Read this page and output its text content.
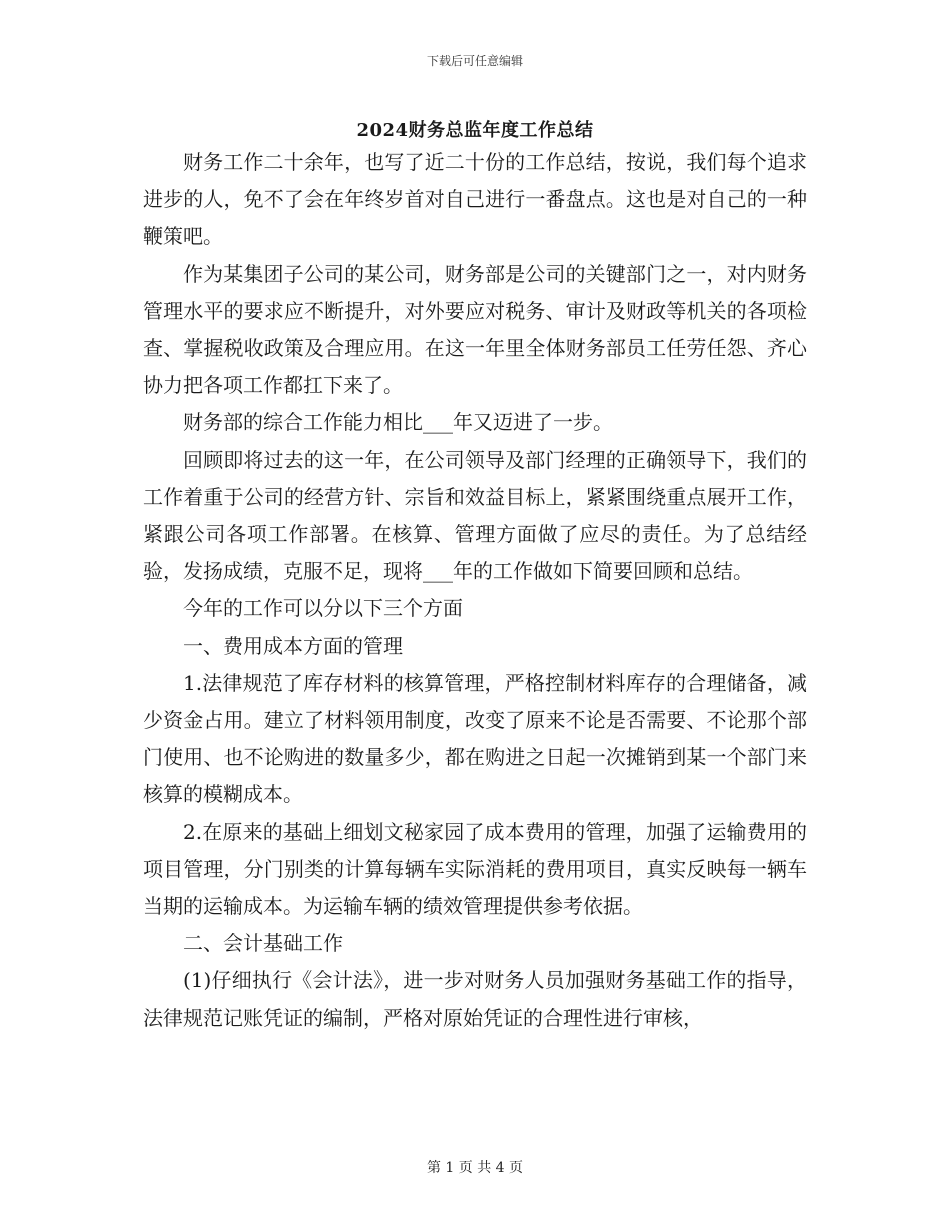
下载后可任意编辑
2024财务总监年度工作总结

财务工作二十余年，也写了近二十份的工作总结，按说，我们每个追求进步的人，免不了会在年终岁首对自己进行一番盘点。这也是对自己的一种鞭策吧。

作为某集团子公司的某公司，财务部是公司的关键部门之一，对内财务管理水平的要求应不断提升，对外要应对税务、审计及财政等机关的各项检查、掌握税收政策及合理应用。在这一年里全体财务部员工任劳任怨、齐心协力把各项工作都扛下来了。

财务部的综合工作能力相比___年又迈进了一步。

回顾即将过去的这一年，在公司领导及部门经理的正确领导下，我们的工作着重于公司的经营方针、宗旨和效益目标上，紧紧围绕重点展开工作，紧跟公司各项工作部署。在核算、管理方面做了应尽的责任。为了总结经验，发扬成绩，克服不足，现将___年的工作做如下简要回顾和总结。

今年的工作可以分以下三个方面

一、费用成本方面的管理

1.法律规范了库存材料的核算管理，严格控制材料库存的合理储备，减少资金占用。建立了材料领用制度，改变了原来不论是否需要、不论那个部门使用、也不论购进的数量多少，都在购进之日起一次摊销到某一个部门来核算的模糊成本。

2.在原来的基础上细划文秘家园了成本费用的管理，加强了运输费用的项目管理，分门别类的计算每辆车实际消耗的费用项目，真实反映每一辆车当期的运输成本。为运输车辆的绩效管理提供参考依据。

二、会计基础工作

(1)仔细执行《会计法》，进一步对财务人员加强财务基础工作的指导，法律规范记账凭证的编制，严格对原始凭证的合理性进行审核，

第 1 页 共 4 页
